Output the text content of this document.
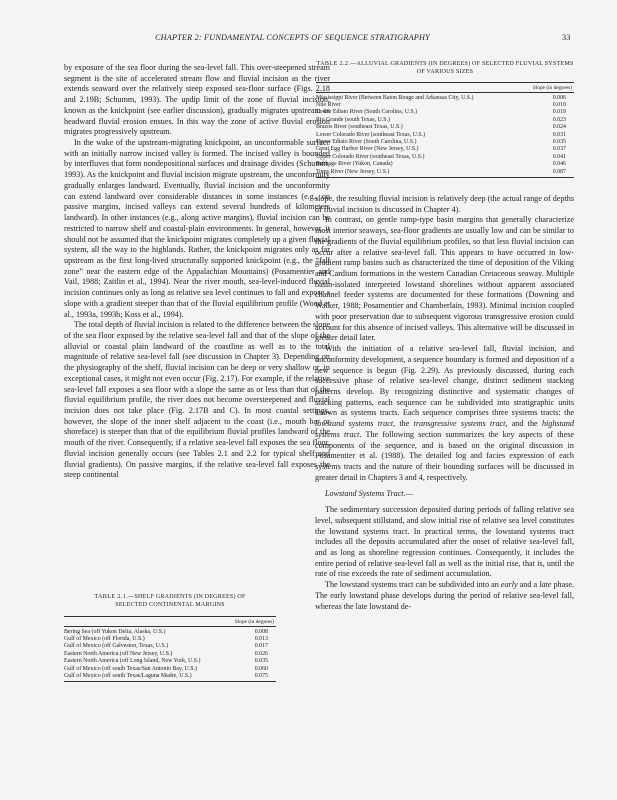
CHAPTER 2: FUNDAMENTAL CONCEPTS OF SEQUENCE STRATIGRAPHY	33

by exposure of the sea floor during the sea-level fall. This over-steepened stream segment is the site of accelerated stream flow and fluvial incision as the river extends seaward over the relatively steep exposed sea-floor surface (Figs. 2.18 and 2.19B; Schumm, 1993). The updip limit of the zone of fluvial incision, known as the knickpoint (see earlier discussion), gradually migrates upstream as headward fluvial erosion ensues. In this way the zone of active fluvial erosion migrates progressively upstream.

In the wake of the upstream-migrating knickpoint, an unconformable surface with an initially narrow incised valley is formed. The incised valley is bounded by interfluves that form nondepositional surfaces and drainage divides (Schumm, 1993). As the knickpoint and fluvial incision migrate upstream, the unconformity gradually enlarges landward. Eventually, fluvial incision and the unconformity can extend landward over considerable distances in some instances (e.g., on passive margins, incised valleys can extend several hundreds of kilometers landward). In other instances (e.g., along active margins), fluvial incision can be restricted to narrow shelf and coastal-plain environments. In general, however, it should not be assumed that the knickpoint migrates completely up a given fluvial system, all the way to the highlands. Rather, the knickpoint migrates only as far upstream as the first long-lived structurally supported knickpoint (e.g., the “fall zone” near the eastern edge of the Appalachian Mountains) (Posamentier and Vail, 1988; Zaitlin et al., 1994). Near the river mouth, sea-level-induced fluvial incision continues only as long as relative sea level continues to fall and expose a slope with a gradient steeper than that of the fluvial equilibrium profile (Wood et al., 1993a, 1993b; Koss et al., 1994).

The total depth of fluvial incision is related to the difference between the slope of the sea floor exposed by the relative sea-level fall and that of the slope of the alluvial or coastal plain landward of the coastline as well as to the total magnitude of relative sea-level fall (see discussion in Chapter 3). Depending on the physiography of the shelf, fluvial incision can be deep or very shallow or, in exceptional cases, it might not even occur (Fig. 2.17). For example, if the relative sea-level fall exposes a sea floor with a slope the same as or less than that of the fluvial equilibrium profile, the river does not become oversteepened and fluvial incision does not take place (Fig. 2.17B and C). In most coastal settings, however, the slope of the inner shelf adjacent to the coast (i.e., mouth bar or shoreface) is steeper than that of the equilibrium fluvial profiles landward of the mouth of the river. Consequently, if a relative sea-level fall exposes the sea floor, fluvial incision generally occurs (see Tables 2.1 and 2.2 for typical shelf and fluvial gradients). On passive margins, if the relative sea-level fall exposes the steep continental

TABLE 2.2.—ALLUVIAL GRADIENTS (IN DEGREES) OF SELECTED FLUVIAL SYSTEMS OF VARIOUS SIZES
Slope (in degrees)
Mississippi River (Between Baton Rouge and Arkansas City, U.S.)	0.006
Nile River	0.010
Lower Ediato River (South Carolina, U.S.)	0.019
Rio Grande (south Texas, U.S.)	0.023
Brazos River (southeast Texas, U.S.)	0.024
Lower Colorado River (southeast Texas, U.S.)	0.031
Upper Ediato River (South Carolina, U.S.)	0.035
Great Egg Harbor River (New Jersey, U.S.)	0.037
Upper Colorado River (southeast Texas, U.S.)	0.041
Babbage River (Yukon, Canada)	0.046
Toms River (New Jersey, U.S.)	0.087

slope, the resulting fluvial incision is relatively deep (the actual range of depths of fluvial incision is discussed in Chapter 4).

In contrast, on gentle ramp-type basin margins that generally characterize most interior seaways, sea-floor gradients are usually low and can be similar to the gradients of the fluvial equilibrium profiles, so that less fluvial incision can occur after a relative sea-level fall. This appears to have occurred in low-gradient ramp basins such as characterized the time of deposition of the Viking and Cardium formations in the western Canadian Cretaceous seaway. Multiple basin-isolated interpreted lowstand shorelines without apparent associated channel feeder systems are documented for these formations (Downing and Walker, 1988; Posamentier and Chamberlain, 1993). Minimal incision coupled with poor preservation due to subsequent vigorous transgressive erosion could account for this absence of incised valleys. This alternative will be discussed in greater detail later.

With the initiation of a relative sea-level fall, fluvial incision, and unconformity development, a sequence boundary is formed and deposition of a new sequence is begun (Fig. 2.29). As previously discussed, during each successive phase of relative sea-level change, distinct sediment stacking patterns develop. By recognizing distinctive and systematic changes of stacking patterns, each sequence can be subdivided into stratigraphic units known as systems tracts. Each sequence comprises three systems tracts: the lowstand systems tract, the transgressive systems tract, and the highstand systems tract. The following section summarizes the key aspects of these components of the sequence, and is based on the original discussion in Posamentier et al. (1988). The detailed log and facies expression of each systems tracts and the nature of their bounding surfaces will be discussed in greater detail in Chapters 3 and 4, respectively.

Lowstand Systems Tract.—

The sedimentary succession deposited during periods of falling relative sea level, subsequent stillstand, and slow initial rise of relative sea level constitutes the lowstand systems tract. In practical terms, the lowstand systems tract includes all the deposits accumulated after the onset of relative sea-level fall, and as long as shoreline regression continues. Consequently, it includes the entire period of relative sea-level fall as well as the initial rise, that is, until the rate of rise exceeds the rate of sediment accumulation.

The lowstand systems tract can be subdivided into an early and a late phase. The early lowstand phase develops during the period of relative sea-level fall, whereas the late lowstand de-

TABLE 2.1.—SHELF GRADIENTS (IN DEGREES) OF SELECTED CONTINENTAL MARGINS
Slope (in degrees)
Bering Sea (off Yukon Delta, Alaska, U.S.)	0.008
Gulf of Mexico (off Florida, U.S.)	0.013
Gulf of Mexico (off Galveston, Texas, U.S.)	0.017
Eastern North America (off New Jersey, U.S.)	0.026
Eastern North America (off Long Island, New York, U.S.)	0.035
Gulf of Mexico (off south Texas/San Antonio Bay, U.S.)	0.060
Gulf of Mexico (off south Texas/Laguna Madre, U.S.)	0.075
